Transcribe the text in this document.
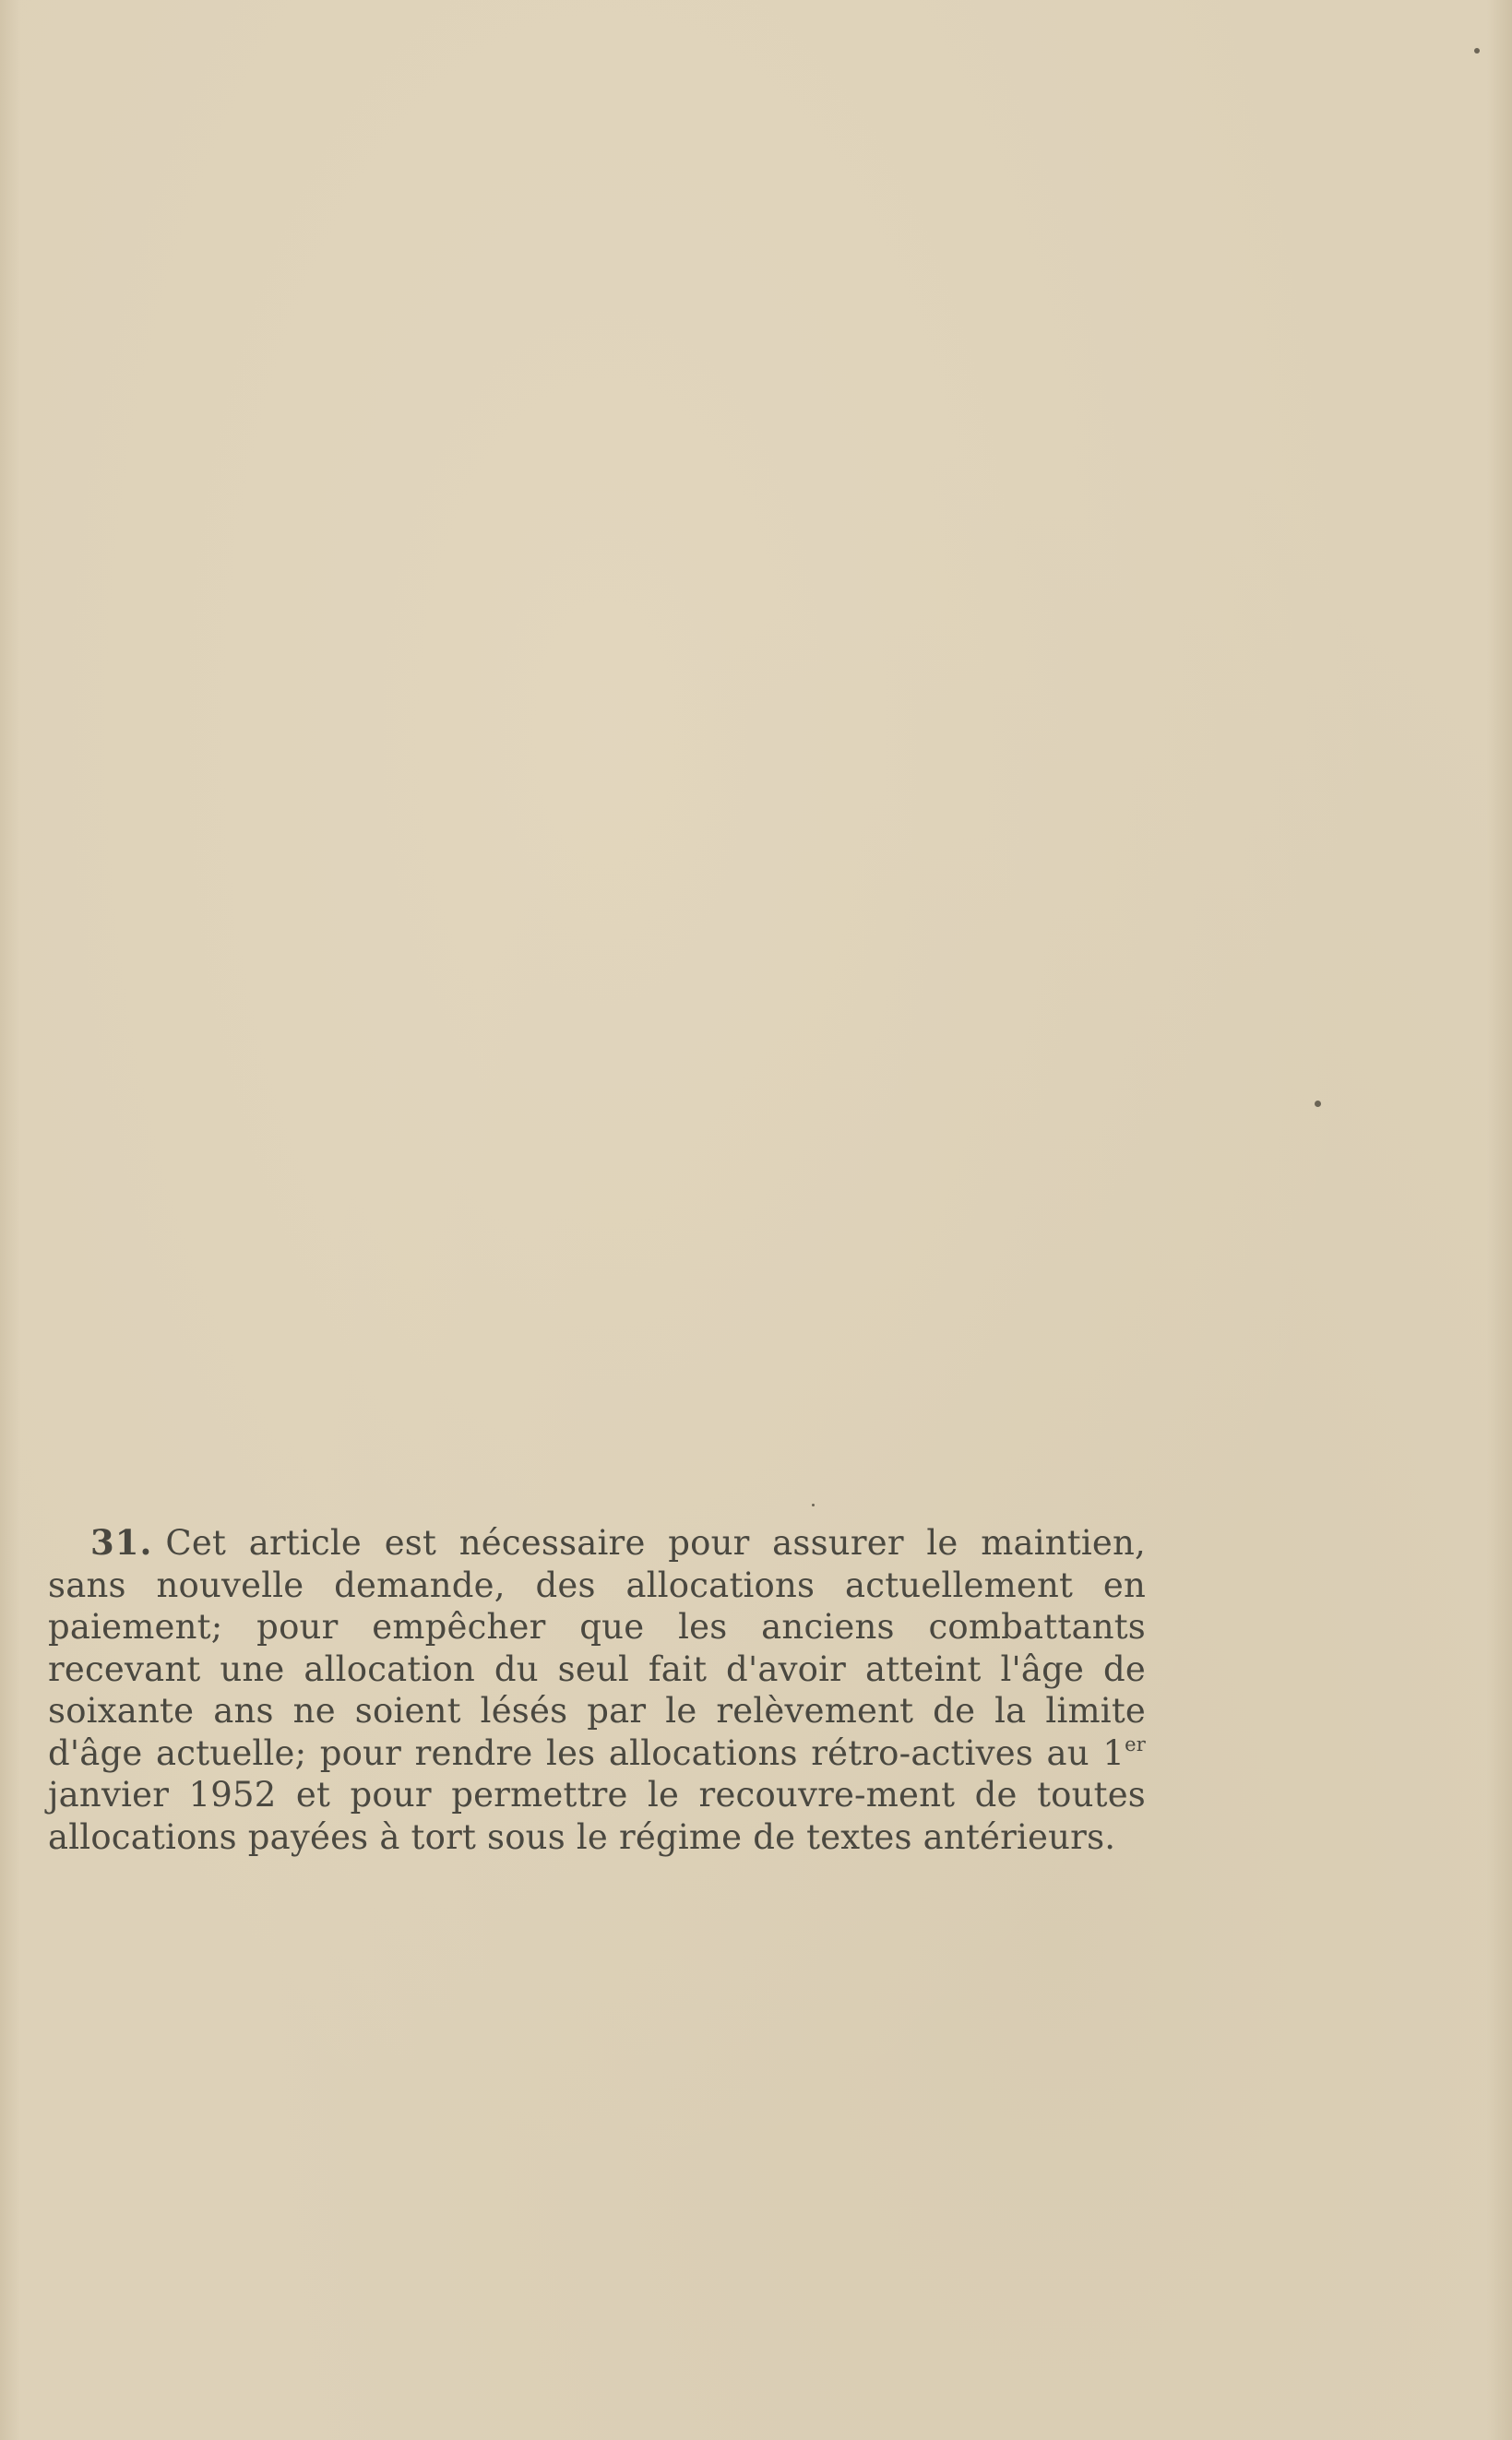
31. Cet article est nécessaire pour assurer le maintien, sans nouvelle demande, des allocations actuellement en paiement; pour empêcher que les anciens combattants recevant une allocation du seul fait d'avoir atteint l'âge de soixante ans ne soient lésés par le relèvement de la limite d'âge actuelle; pour rendre les allocations rétro-actives au 1er janvier 1952 et pour permettre le recouvre-ment de toutes allocations payées à tort sous le régime de textes antérieurs.
